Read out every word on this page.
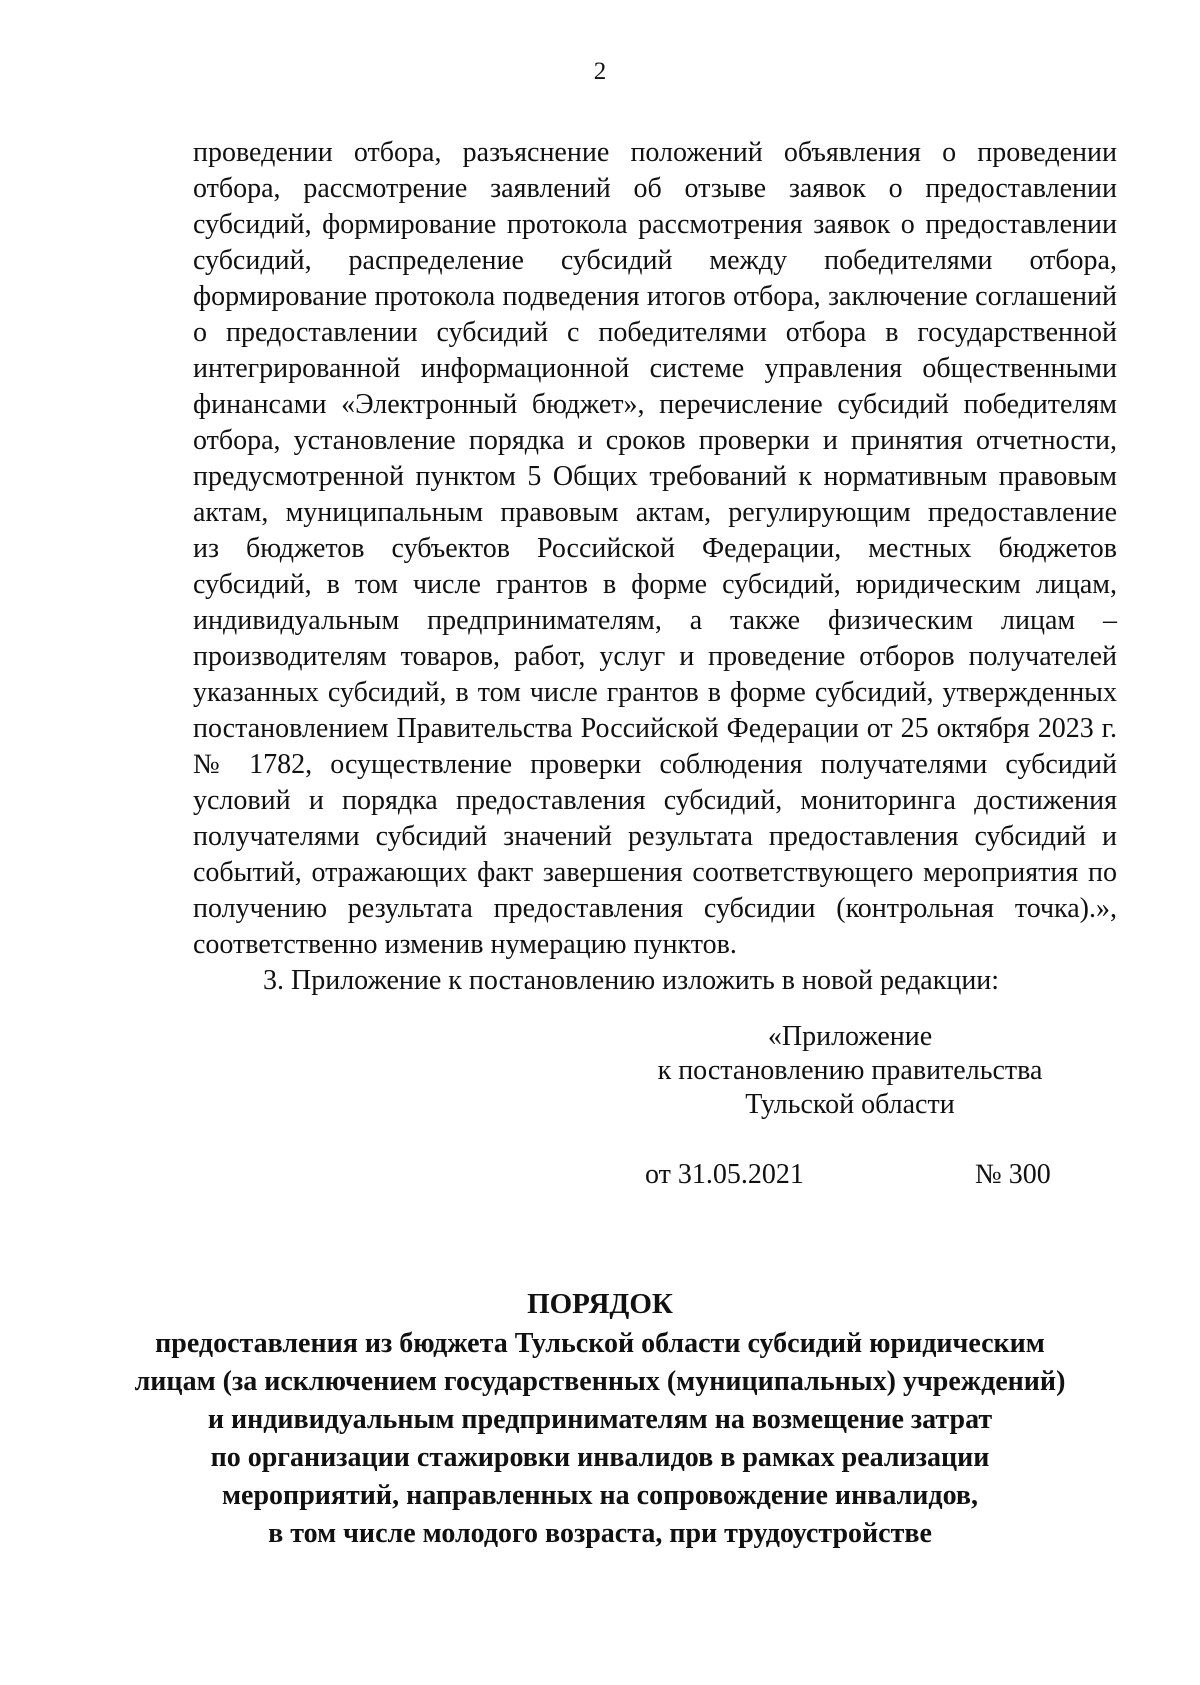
2
проведении отбора, разъяснение положений объявления о проведении
отбора, рассмотрение заявлений об отзыве заявок о предоставлении
субсидий, формирование протокола рассмотрения заявок о предоставлении
субсидий, распределение субсидий между победителями отбора,
формирование протокола подведения итогов отбора, заключение соглашений
о предоставлении субсидий с победителями отбора в государственной
интегрированной информационной системе управления общественными
финансами «Электронный бюджет», перечисление субсидий победителям
отбора, установление порядка и сроков проверки и принятия отчетности,
предусмотренной пунктом 5 Общих требований к нормативным правовым
актам, муниципальным правовым актам, регулирующим предоставление
из бюджетов субъектов Российской Федерации, местных бюджетов
субсидий, в том числе грантов в форме субсидий, юридическим лицам,
индивидуальным предпринимателям, а также физическим лицам –
производителям товаров, работ, услуг и проведение отборов получателей
указанных субсидий, в том числе грантов в форме субсидий, утвержденных
постановлением Правительства Российской Федерации от 25 октября 2023 г.
№ 1782, осуществление проверки соблюдения получателями субсидий
условий и порядка предоставления субсидий, мониторинга достижения
получателями субсидий значений результата предоставления субсидий и
событий, отражающих факт завершения соответствующего мероприятия по
получению результата предоставления субсидии (контрольная точка).»,
соответственно изменив нумерацию пунктов.
3. Приложение к постановлению изложить в новой редакции:
«Приложение
к постановлению правительства
Тульской области
от 31.05.2021	№ 300
ПОРЯДОК
предоставления из бюджета Тульской области субсидий юридическим
лицам (за исключением государственных (муниципальных) учреждений)
и индивидуальным предпринимателям на возмещение затрат
по организации стажировки инвалидов в рамках реализации
мероприятий, направленных на сопровождение инвалидов,
в том числе молодого возраста, при трудоустройстве
